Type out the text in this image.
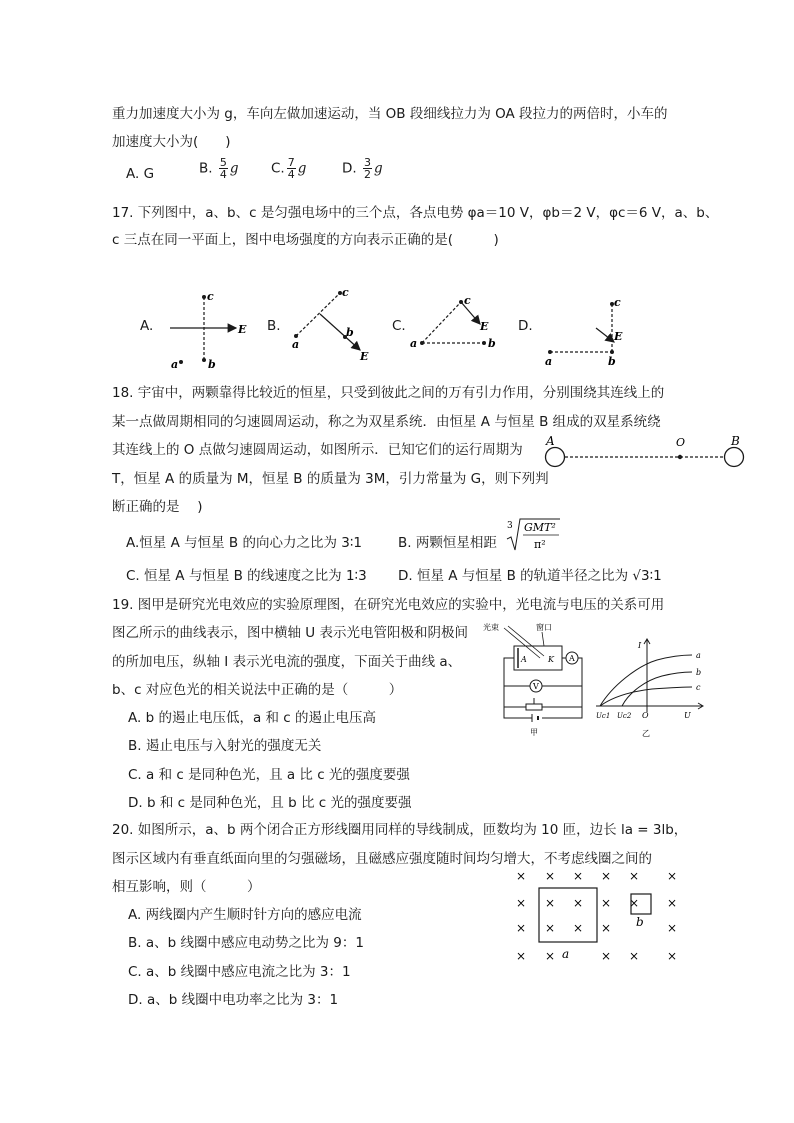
重力加速度大小为 g，车向左做加速运动，当 OB 段细线拉力为 OA 段拉力的两倍时，小车的
加速度大小为(　　)
A. G	B. $\frac{5}{4}$ g C. $\frac{7}{4}$ g	D. $\frac{3}{2}$ g
17. 下列图中，a、b、c 是匀强电场中的三个点，各点电势 φa＝10 V，φb＝2 V，φc＝6 V，a、b、
c 三点在同一平面上，图中电场强度的方向表示正确的是(　　　)
A.	B.	C.	D.
c
b
a
E
c
a
b
E
c
a	b
E
c
a	b
E
18. 宇宙中，两颗靠得比较近的恒星，只受到彼此之间的万有引力作用，分别围绕其连线上的
某一点做周期相同的匀速圆周运动，称之为双星系统．由恒星 A 与恒星 B 组成的双星系统绕
其连线上的 O 点做匀速圆周运动，如图所示．已知它们的运行周期为
T，恒星 A 的质量为 M，恒星 B 的质量为 3M，引力常量为 G，则下列判
断正确的是　 )
A	O	B
A.恒星 A 与恒星 B 的向心力之比为 3∶1	B. 两颗恒星相距
3 GMT²
π²
C. 恒星 A 与恒星 B 的线速度之比为 1∶3 D. 恒星 A 与恒星 B 的轨道半径之比为 √3∶1
19. 图甲是研究光电效应的实验原理图，在研究光电效应的实验中，光电流与电压的关系可用
图乙所示的曲线表示，图中横轴 U 表示光电管阳极和阴极间
的所加电压，纵轴 I 表示光电流的强度，下面关于曲线 a、
b、c 对应色光的相关说法中正确的是（　　　）
A. b 的遏止电压低，a 和 c 的遏止电压高
B. 遏止电压与入射光的强度无关
C. a 和 c 是同种色光，且 a 比 c 光的强度要强
D. b 和 c 是同种色光，且 b 比 c 光的强度要强
光束	窗口
A	K A
V
甲
I
U
O
Uc1 Uc2
a
b
c
乙
20. 如图所示，a、b 两个闭合正方形线圈用同样的导线制成，匝数均为 10 匝，边长 la = 3lb，
图示区域内有垂直纸面向里的匀强磁场，且磁感应强度随时间均匀增大，不考虑线圈之间的
相互影响，则（　　　）
A. 两线圈内产生顺时针方向的感应电流
B. a、b 线圈中感应电动势之比为 9：1
C. a、b 线圈中感应电流之比为 3：1
D. a、b 线圈中电功率之比为 3：1
× × × × × ×
× × × × × ×
× × × ×	×
× ×	× × ×
a
b
